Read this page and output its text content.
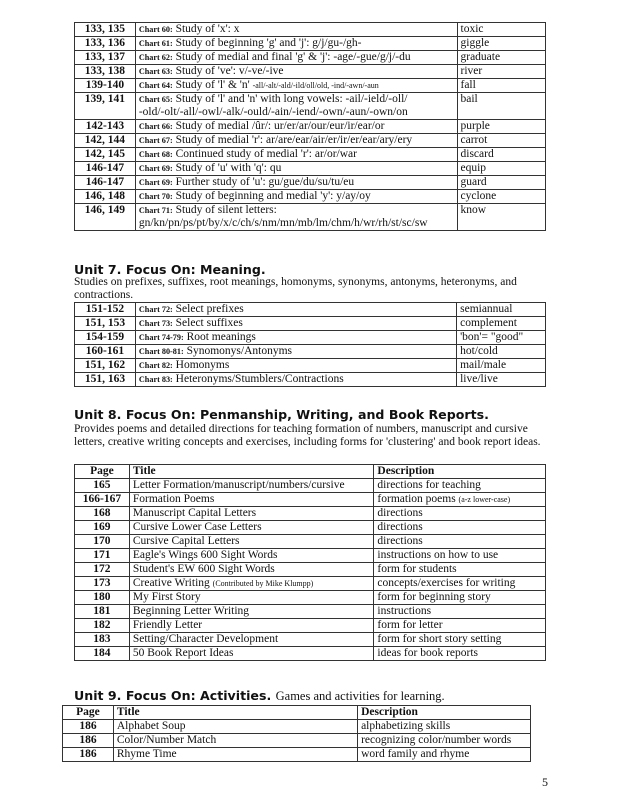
133, 135	Chart 60: Study of 'x': x	toxic
133, 136	Chart 61: Study of beginning 'g' and 'j': g/j/gu-/gh-	giggle
133, 137	Chart 62: Study of medial and final 'g' & 'j': -age/-gue/g/j/-du	graduate
133, 138	Chart 63: Study of 've': v/-ve/-ive	river
139-140	Chart 64: Study of 'l' & 'n' -all/-alt/-ald/-ild/oll/old, -ind/-awn/-aun	fall
139, 141	Chart 65: Study of 'l' and 'n' with long vowels: -ail/-ield/-oll/
-old/-olt/-all/-owl/-alk/-ould/-ain/-iend/-own/-aun/-own/on	bail
142-143	Chart 66: Study of medial /ûr/: ur/er/ar/our/eur/ir/ear/or	purple
142, 144	Chart 67: Study of medial 'r': ar/are/ear/air/er/ir/er/ear/ary/ery	carrot
142, 145	Chart 68: Continued study of medial 'r': ar/or/war	discard
146-147	Chart 69: Study of 'u' with 'q': qu	equip
146-147	Chart 69: Further study of 'u': gu/gue/du/su/tu/eu	guard
146, 148	Chart 70: Study of beginning and medial 'y': y/ay/oy	cyclone
146, 149	Chart 71: Study of silent letters:
gn/kn/pn/ps/pt/by/x/c/ch/s/nm/mn/mb/lm/chm/h/wr/rh/st/sc/sw	know
Unit 7. Focus On: Meaning.
Studies on prefixes, suffixes, root meanings, homonyms, synonyms, antonyms, heteronyms, and contractions.
151-152	Chart 72: Select prefixes	semiannual
151, 153	Chart 73: Select suffixes	complement
154-159	Chart 74-79: Root meanings	'bon'= "good"
160-161	Chart 80-81: Synomonys/Antonyms	hot/cold
151, 162	Chart 82: Homonyms	mail/male
151, 163	Chart 83: Heteronyms/Stumblers/Contractions	live/live
Unit 8. Focus On: Penmanship, Writing, and Book Reports.
Provides poems and detailed directions for teaching formation of numbers, manuscript and cursive letters, creative writing concepts and exercises, including forms for 'clustering' and book report ideas.
Page	Title	Description
165	Letter Formation/manuscript/numbers/cursive	directions for teaching
166-167	Formation Poems	formation poems (a-z lower-case)
168	Manuscript Capital Letters	directions
169	Cursive Lower Case Letters	directions
170	Cursive Capital Letters	directions
171	Eagle's Wings 600 Sight Words	instructions on how to use
172	Student's EW 600 Sight Words	form for students
173	Creative Writing (Contributed by Mike Klumpp)	concepts/exercises for writing
180	My First Story	form for beginning story
181	Beginning Letter Writing	instructions
182	Friendly Letter	form for letter
183	Setting/Character Development	form for short story setting
184	50 Book Report Ideas	ideas for book reports
Unit 9. Focus On: Activities. Games and activities for learning.
Page	Title	Description
186	Alphabet Soup	alphabetizing skills
186	Color/Number Match	recognizing color/number words
186	Rhyme Time	word family and rhyme
5
